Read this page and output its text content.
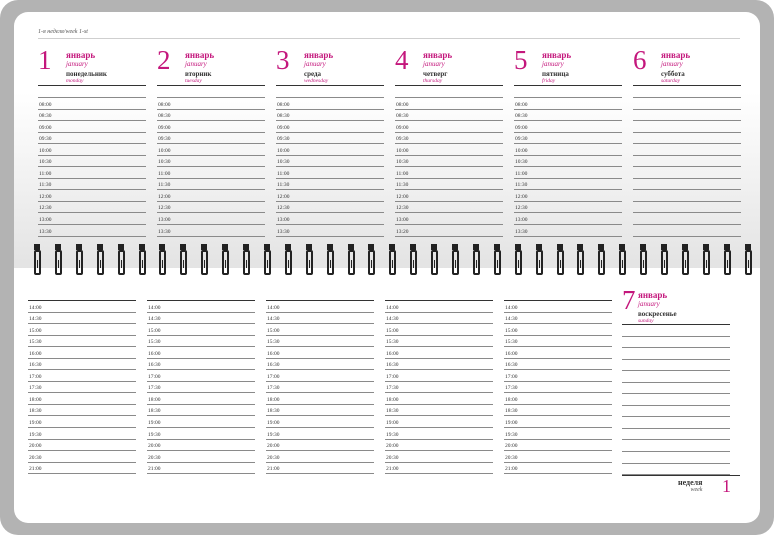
1-я неделя/week 1-st
1 январь
january
понедельник
monday
08:00
08:30
09:00
09:30
10:00
10:30
11:00
11:30
12:00
12:30
13:00
13:30
2 январь
january
вторник
tuesday
08:00
08:30
09:00
09:30
10:00
10:30
11:00
11:30
12:00
12:30
13:00
13:30
3 январь
january
среда
wednesday
08:00
08:30
09:00
09:30
10:00
10:30
11:00
11:30
12:00
12:30
13:00
13:30
4 январь
january
четверг
thursday
08:00
08:30
09:00
09:30
10:00
10:30
11:00
11:30
12:00
12:30
13:00
13:20
5 январь
january
пятница
friday
08:00
08:30
09:00
09:30
10:00
10:30
11:00
11:30
12:00
12:30
13:00
13:30
6 январь
january
суббота
saturday
14:00
14:30
15:00
15:30
16:00
16:30
17:00
17:30
18:00
18:30
19:00
19:30
20:00
20:30
21:00
14:00
14:30
15:00
15:30
16:00
16:30
17:00
17:30
18:00
18:30
19:00
19:30
20:00
20:30
21:00
14:00
14:30
15:00
15:30
16:00
16:30
17:00
17:30
18:00
18:30
19:00
19:30
20:00
20:30
21:00
14:00
14:30
15:00
15:30
16:00
16:30
17:00
17:30
18:00
18:30
19:00
19:30
20:00
20:30
21:00
14:00
14:30
15:00
15:30
16:00
16:30
17:00
17:30
18:00
18:30
19:00
19:30
20:00
20:30
21:00
7 январь
january
воскресенье
sunday
неделя
week 1
